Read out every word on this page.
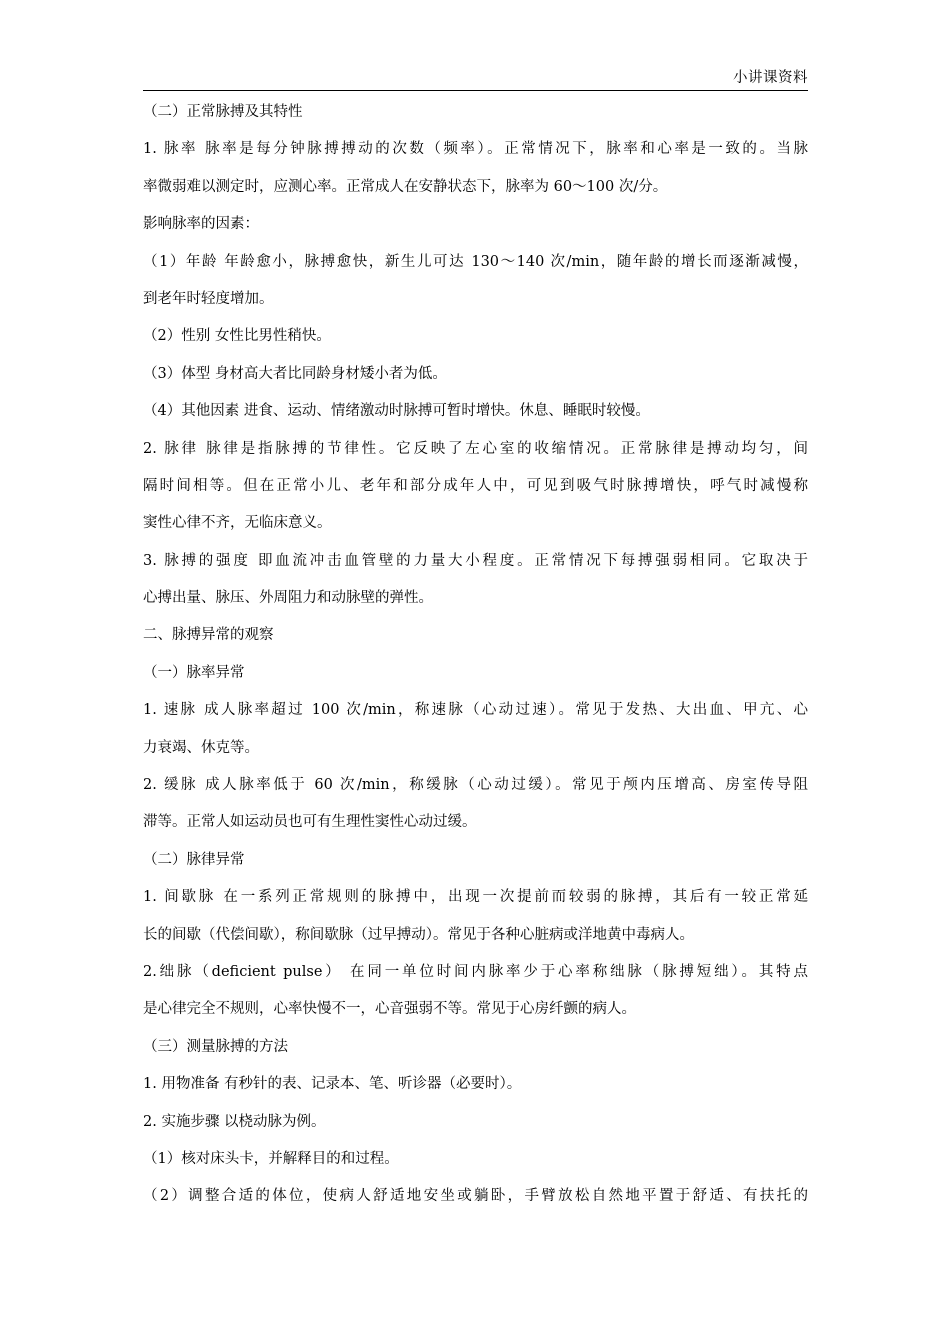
小讲课资料
（二）正常脉搏及其特性
1. 脉率 脉率是每分钟脉搏搏动的次数（频率）。正常情况下，脉率和心率是一致的。当脉
率微弱难以测定时，应测心率。正常成人在安静状态下，脉率为 60～100 次/分。
影响脉率的因素：
（1）年龄 年龄愈小，脉搏愈快，新生儿可达 130～140 次/min，随年龄的增长而逐渐减慢，
到老年时轻度增加。
（2）性别 女性比男性稍快。
（3）体型 身材高大者比同龄身材矮小者为低。
（4）其他因素 进食、运动、情绪激动时脉搏可暂时增快。休息、睡眠时较慢。
2. 脉律 脉律是指脉搏的节律性。它反映了左心室的收缩情况。正常脉律是搏动均匀，间
隔时间相等。但在正常小儿、老年和部分成年人中，可见到吸气时脉搏增快，呼气时减慢称
窦性心律不齐，无临床意义。
3. 脉搏的强度 即血流冲击血管壁的力量大小程度。正常情况下每搏强弱相同。它取决于
心搏出量、脉压、外周阻力和动脉壁的弹性。
二、脉搏异常的观察
（一）脉率异常
1. 速脉 成人脉率超过 100 次/min，称速脉（心动过速）。常见于发热、大出血、甲亢、心
力衰竭、休克等。
2. 缓脉 成人脉率低于 60 次/min，称缓脉（心动过缓）。常见于颅内压增高、房室传导阻
滞等。正常人如运动员也可有生理性窦性心动过缓。
（二）脉律异常
1. 间歇脉 在一系列正常规则的脉搏中，出现一次提前而较弱的脉搏，其后有一较正常延
长的间歇（代偿间歇），称间歇脉（过早搏动）。常见于各种心脏病或洋地黄中毒病人。
2.绌脉（deficient pulse） 在同一单位时间内脉率少于心率称绌脉（脉搏短绌）。其特点
是心律完全不规则，心率快慢不一，心音强弱不等。常见于心房纤颤的病人。
（三）测量脉搏的方法
1. 用物准备 有秒针的表、记录本、笔、听诊器（必要时）。
2. 实施步骤 以桡动脉为例。
（1）核对床头卡，并解释目的和过程。
（2）调整合适的体位，使病人舒适地安坐或躺卧，手臂放松自然地平置于舒适、有扶托的
